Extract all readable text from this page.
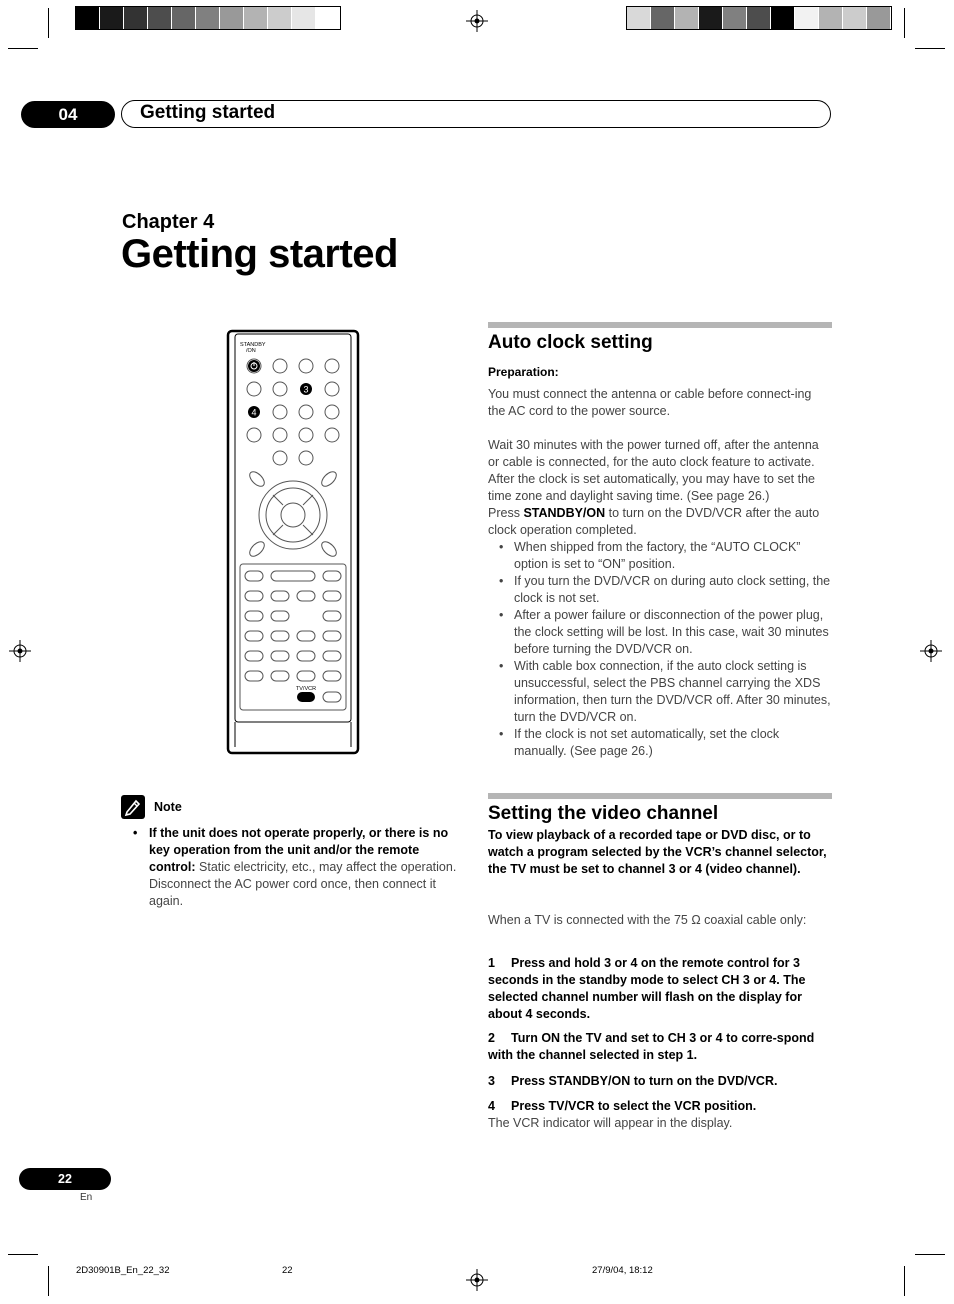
04	Getting started
Chapter 4
Getting started
STANDBY /ON
3
4
TV/VCR
Auto clock setting
Preparation:

You must connect the antenna or cable before connect-ing the AC cord to the power source.

Wait 30 minutes with the power turned off, after the antenna or cable is connected, for the auto clock feature to activate.

After the clock is set automatically, you may have to set the time zone and daylight saving time. (See page 26.)

Press STANDBY/ON to turn on the DVD/VCR after the auto clock operation completed.

• When shipped from the factory, the “AUTO CLOCK” option is set to “ON” position.
• If you turn the DVD/VCR on during auto clock setting, the clock is not set.
• After a power failure or disconnection of the power plug, the clock setting will be lost. In this case, wait 30 minutes before turning the DVD/VCR on.
• With cable box connection, if the auto clock setting is unsuccessful, select the PBS channel carrying the XDS information, then turn the DVD/VCR off. After 30 minutes, turn the DVD/VCR on.
• If the clock is not set automatically, set the clock manually. (See page 26.)
Setting the video channel
To view playback of a recorded tape or DVD disc, or to watch a program selected by the VCR’s channel selector, the TV must be set to channel 3 or 4 (video channel).
When a TV is connected with the 75 Ω coaxial cable only:
1 Press and hold 3 or 4 on the remote control for 3 seconds in the standby mode to select CH 3 or 4. The selected channel number will flash on the display for about 4 seconds.
2 Turn ON the TV and set to CH 3 or 4 to corre-spond with the channel selected in step 1.
3 Press STANDBY/ON to turn on the DVD/VCR.
4 Press TV/VCR to select the VCR position.
The VCR indicator will appear in the display.
Note
• If the unit does not operate properly, or there is no key operation from the unit and/or the remote control: Static electricity, etc., may affect the operation. Disconnect the AC power cord once, then connect it again.
22
En
2D30901B_En_22_32	22	27/9/04, 18:12
